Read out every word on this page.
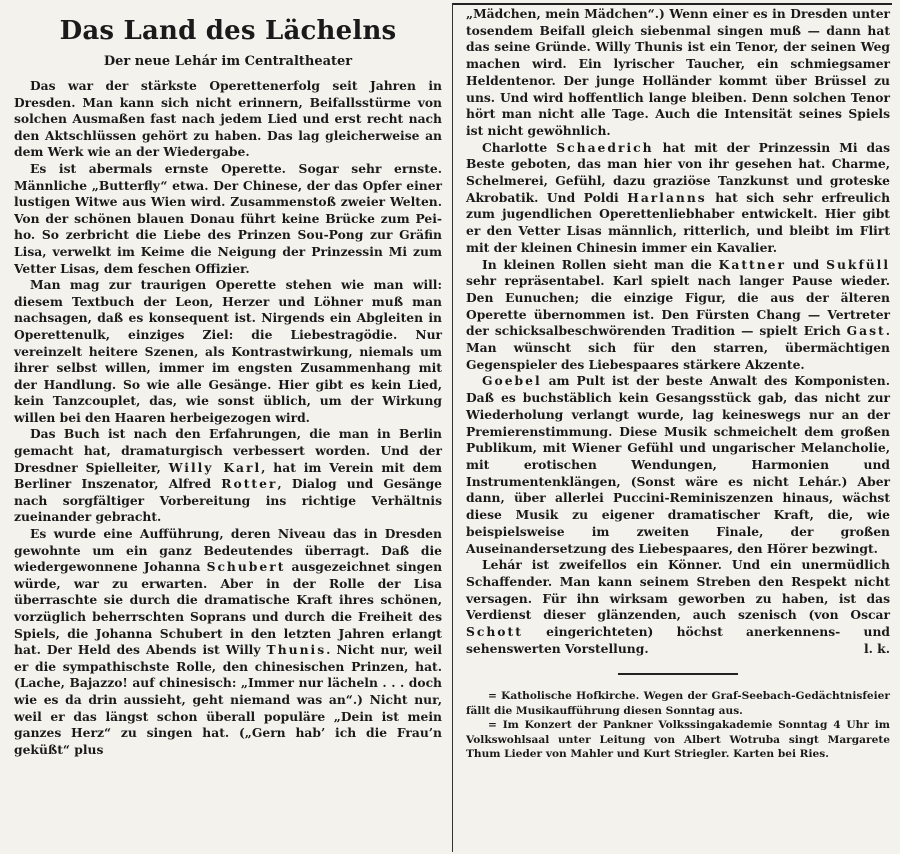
Das Land des Lächelns
Der neue Lehár im Centraltheater

Das war der stärkste Operettenerfolg seit Jahren in Dresden. Man kann sich nicht erinnern, Beifallsstürme von solchen Ausmaßen fast nach jedem Lied und erst recht nach den Aktschlüssen gehört zu haben. Das lag gleicherweise an dem Werk wie an der Wiedergabe.

Es ist abermals ernste Operette. Sogar sehr ernste. Männliche „Butterfly“ etwa. Der Chinese, der das Opfer einer lustigen Witwe aus Wien wird. Zusammenstoß zweier Welten. Von der schönen blauen Donau führt keine Brücke zum Pei-ho. So zerbricht die Liebe des Prinzen Sou-Pong zur Gräfin Lisa, verwelkt im Keime die Neigung der Prinzessin Mi zum Vetter Lisas, dem feschen Offizier.

Man mag zur traurigen Operette stehen wie man will: diesem Textbuch der Leon, Herzer und Löhner muß man nachsagen, daß es konsequent ist. Nirgends ein Abgleiten in Operettenulk, einziges Ziel: die Liebestragödie. Nur vereinzelt heitere Szenen, als Kontrastwirkung, niemals um ihrer selbst willen, immer im engsten Zusammenhang mit der Handlung. So wie alle Gesänge. Hier gibt es kein Lied, kein Tanzcouplet, das, wie sonst üblich, um der Wirkung willen bei den Haaren herbeigezogen wird.

Das Buch ist nach den Erfahrungen, die man in Berlin gemacht hat, dramaturgisch verbessert worden. Und der Dresdner Spielleiter, Willy Karl, hat im Verein mit dem Berliner Inszenator, Alfred Rotter, Dialog und Gesänge nach sorgfältiger Vorbereitung ins richtige Verhältnis zueinander gebracht.

Es wurde eine Aufführung, deren Niveau das in Dresden gewohnte um ein ganz Bedeutendes überragt. Daß die wiedergewonnene Johanna Schubert ausgezeichnet singen würde, war zu erwarten. Aber in der Rolle der Lisa überraschte sie durch die dramatische Kraft ihres schönen, vorzüglich beherrschten Soprans und durch die Freiheit des Spiels, die Johanna Schubert in den letzten Jahren erlangt hat. Der Held des Abends ist Willy Thunis. Nicht nur, weil er die sympathischste Rolle, den chinesischen Prinzen, hat. (Lache, Bajazzo! auf chinesisch: „Immer nur lächeln . . . doch wie es da drin aussieht, geht niemand was an“.) Nicht nur, weil er das längst schon überall populäre „Dein ist mein ganzes Herz“ zu singen hat. („Gern hab’ ich die Frau’n geküßt“ plus

„Mädchen, mein Mädchen“.) Wenn einer es in Dresden unter tosendem Beifall gleich siebenmal singen muß — dann hat das seine Gründe. Willy Thunis ist ein Tenor, der seinen Weg machen wird. Ein lyrischer Taucher, ein schmiegsamer Heldentenor. Der junge Holländer kommt über Brüssel zu uns. Und wird hoffentlich lange bleiben. Denn solchen Tenor hört man nicht alle Tage. Auch die Intensität seines Spiels ist nicht gewöhnlich.

Charlotte Schaedrich hat mit der Prinzessin Mi das Beste geboten, das man hier von ihr gesehen hat. Charme, Schelmerei, Gefühl, dazu graziöse Tanzkunst und groteske Akrobatik. Und Poldi Harlanns hat sich sehr erfreulich zum jugendlichen Operettenliebhaber entwickelt. Hier gibt er den Vetter Lisas männlich, ritterlich, und bleibt im Flirt mit der kleinen Chinesin immer ein Kavalier.

In kleinen Rollen sieht man die Kattner und Sukfüll sehr repräsentabel. Karl spielt nach langer Pause wieder. Den Eunuchen; die einzige Figur, die aus der älteren Operette übernommen ist. Den Fürsten Chang — Vertreter der schicksalbeschwörenden Tradition — spielt Erich Gast. Man wünscht sich für den starren, übermächtigen Gegenspieler des Liebespaares stärkere Akzente.

Goebel am Pult ist der beste Anwalt des Komponisten. Daß es buchstäblich kein Gesangsstück gab, das nicht zur Wiederholung verlangt wurde, lag keineswegs nur an der Premierenstimmung. Diese Musik schmeichelt dem großen Publikum, mit Wiener Gefühl und ungarischer Melancholie, mit erotischen Wendungen, Harmonien und Instrumentenklängen, (Sonst wäre es nicht Lehár.) Aber dann, über allerlei Puccini-Reminiszenzen hinaus, wächst diese Musik zu eigener dramatischer Kraft, die, wie beispielsweise im zweiten Finale, der großen Auseinandersetzung des Liebespaares, den Hörer bezwingt.

Lehár ist zweifellos ein Könner. Und ein unermüdlich Schaffender. Man kann seinem Streben den Respekt nicht versagen. Für ihn wirksam geworben zu haben, ist das Verdienst dieser glänzenden, auch szenisch (von Oscar Schott eingerichteten) höchst anerkennens- und sehenswerten Vorstellung.	l. k.

= Katholische Hofkirche. Wegen der Graf-Seebach-Gedächtnisfeier fällt die Musikaufführung diesen Sonntag aus.
= Im Konzert der Pankner Volkssingakademie Sonntag 4 Uhr im Volkswohlsaal unter Leitung von Albert Wotruba singt Margarete Thum Lieder von Mahler und Kurt Striegler. Karten bei Ries.
